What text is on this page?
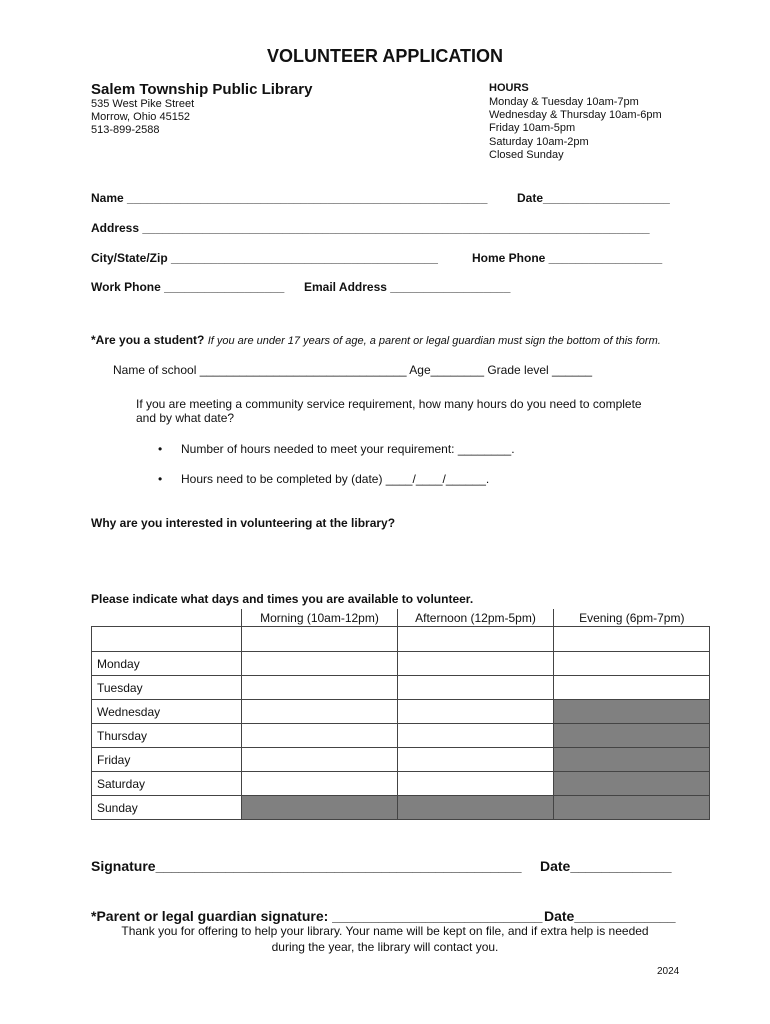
VOLUNTEER APPLICATION
Salem Township Public Library
535 West Pike Street
Morrow, Ohio 45152
513-899-2588
HOURS
Monday & Tuesday 10am-7pm
Wednesday & Thursday 10am-6pm
Friday 10am-5pm
Saturday 10am-2pm
Closed Sunday
Name ______________________________________________________ Date___________________
Address ____________________________________________________________________________
City/State/Zip ________________________________________	Home Phone _________________
Work Phone __________________ Email Address __________________
*Are you a student? If you are under 17 years of age, a parent or legal guardian must sign the bottom of this form.
Name of school _______________________________ Age________ Grade level ______
If you are meeting a community service requirement, how many hours do you need to complete
and by what date?
• Number of hours needed to meet your requirement: ________.
• Hours need to be completed by (date) ____/____/______.
Why are you interested in volunteering at the library?
Please indicate what days and times you are available to volunteer.
	Morning (10am-12pm)	Afternoon (12pm-5pm)	Evening (6pm-7pm)

Monday			
Tuesday			
Wednesday			
Thursday			
Friday			
Saturday			
Sunday			
Signature_______________________________________________ Date_____________
*Parent or legal guardian signature: ___________________________ Date_____________
Thank you for offering to help your library. Your name will be kept on file, and if extra help is needed
during the year, the library will contact you.
2024
